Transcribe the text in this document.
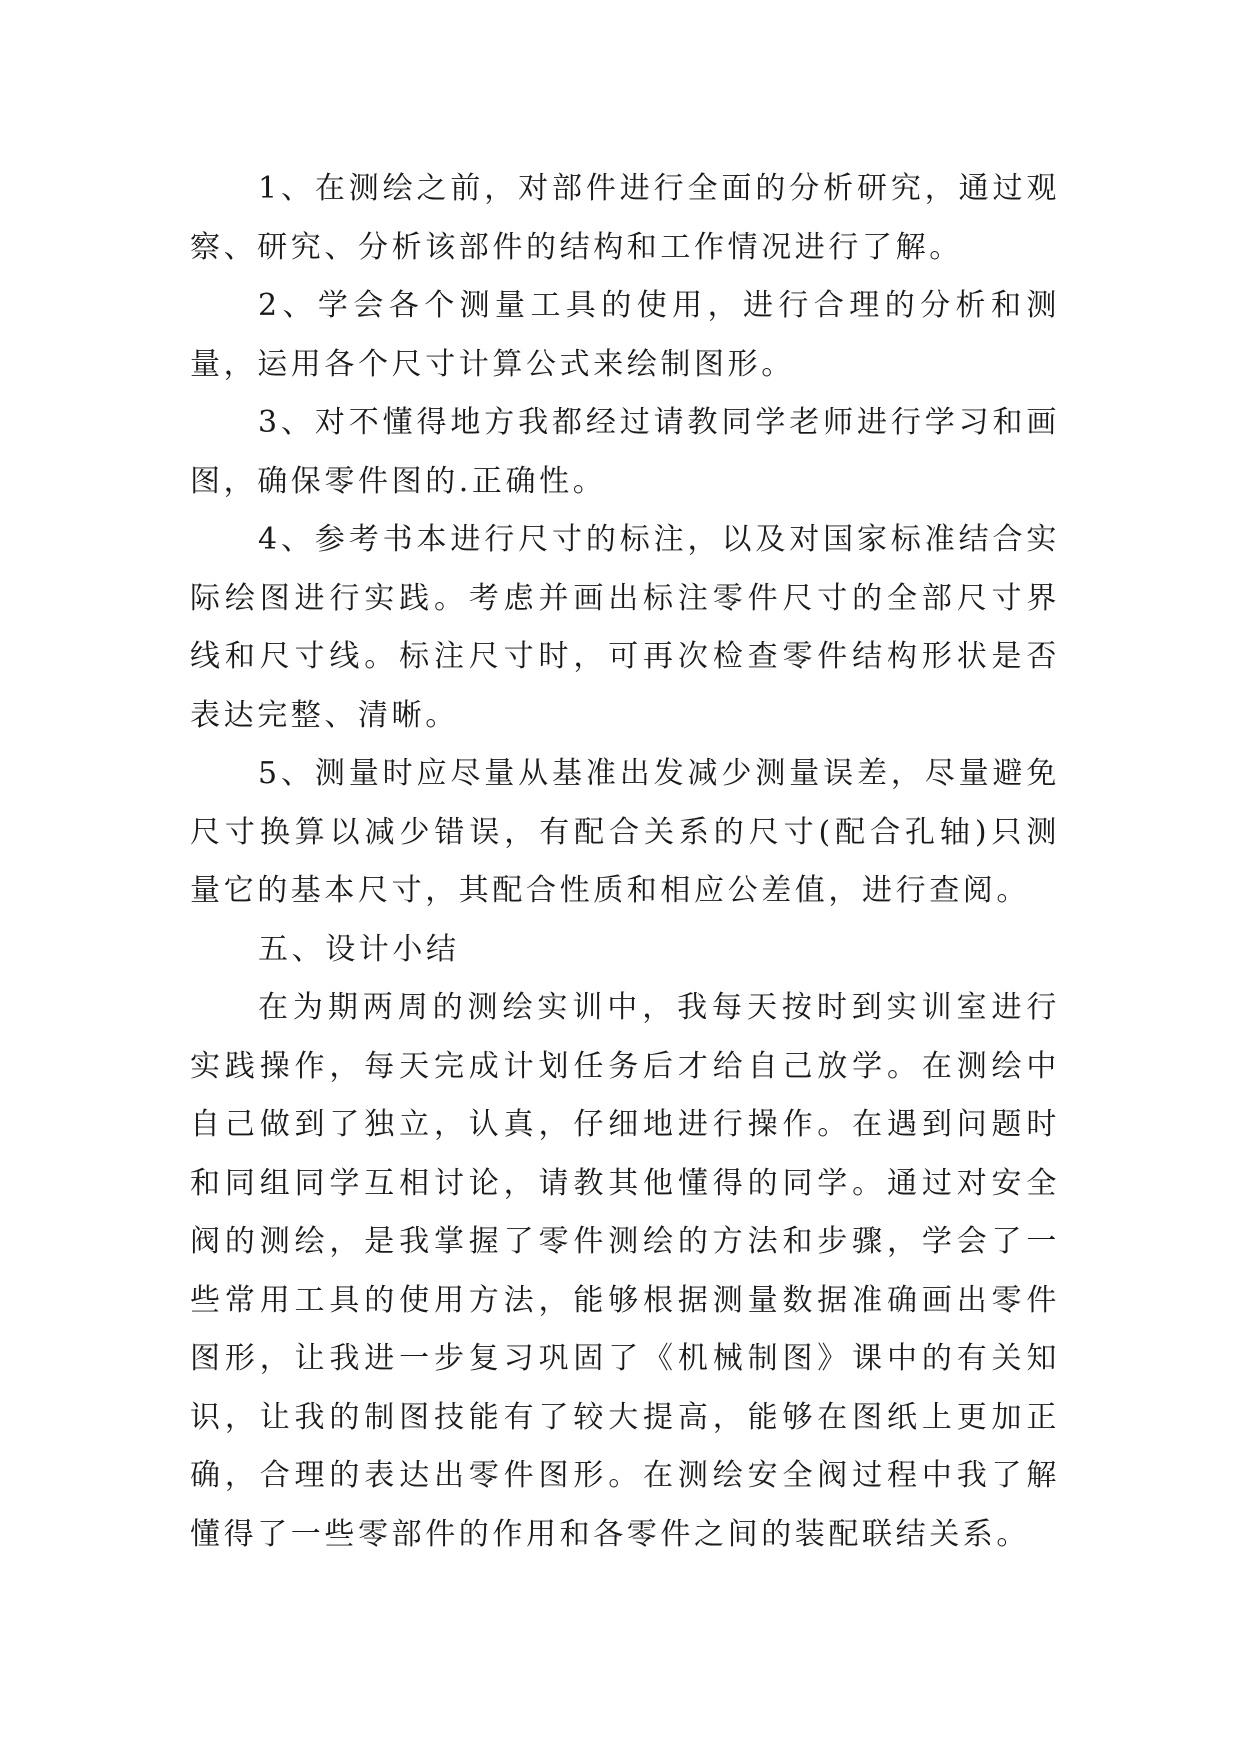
1、在测绘之前，对部件进行全面的分析研究，通过观察、研究、分析该部件的结构和工作情况进行了解。

2、学会各个测量工具的使用，进行合理的分析和测量，运用各个尺寸计算公式来绘制图形。

3、对不懂得地方我都经过请教同学老师进行学习和画图，确保零件图的.正确性。

4、参考书本进行尺寸的标注，以及对国家标准结合实际绘图进行实践。考虑并画出标注零件尺寸的全部尺寸界线和尺寸线。标注尺寸时，可再次检查零件结构形状是否表达完整、清晰。

5、测量时应尽量从基准出发减少测量误差，尽量避免尺寸换算以减少错误，有配合关系的尺寸(配合孔轴)只测量它的基本尺寸，其配合性质和相应公差值，进行查阅。

五、设计小结

在为期两周的测绘实训中，我每天按时到实训室进行实践操作，每天完成计划任务后才给自己放学。在测绘中自己做到了独立，认真，仔细地进行操作。在遇到问题时和同组同学互相讨论，请教其他懂得的同学。通过对安全阀的测绘，是我掌握了零件测绘的方法和步骤，学会了一些常用工具的使用方法，能够根据测量数据准确画出零件图形，让我进一步复习巩固了《机械制图》课中的有关知识，让我的制图技能有了较大提高，能够在图纸上更加正确，合理的表达出零件图形。在测绘安全阀过程中我了解懂得了一些零部件的作用和各零件之间的装配联结关系。
